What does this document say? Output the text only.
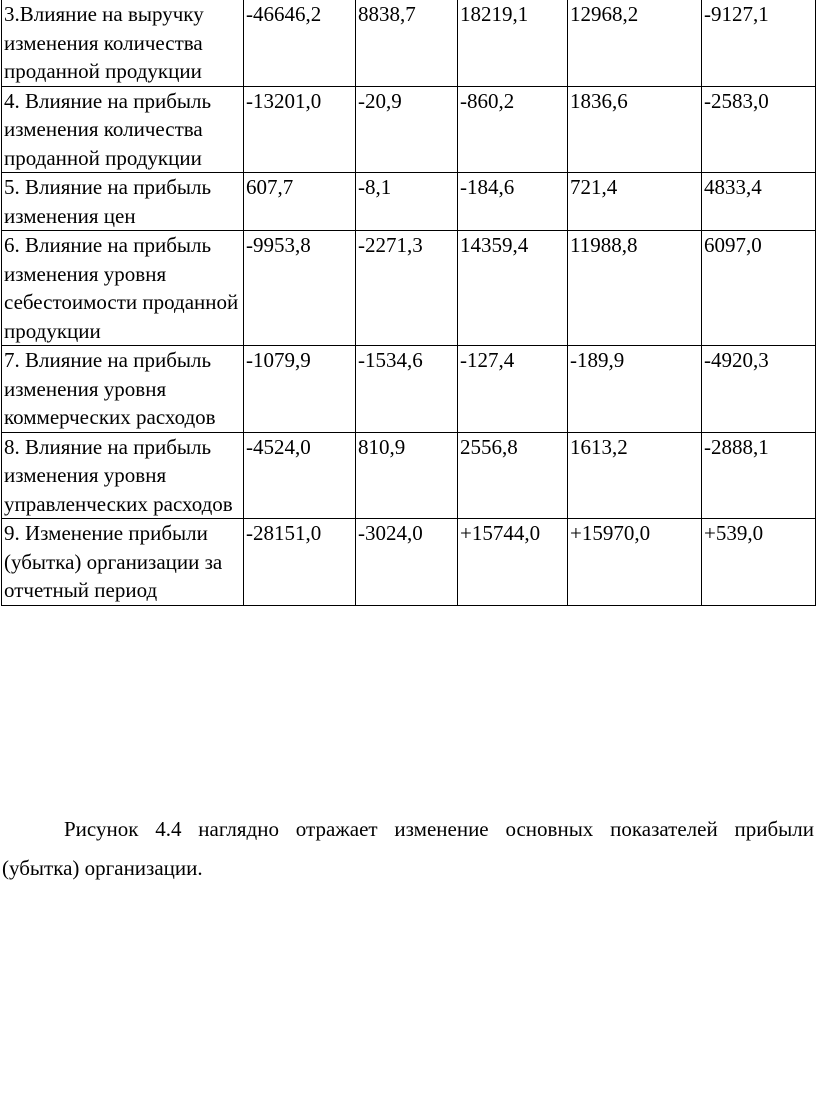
3.Влияние на выручку изменения количества проданной продукции	-46646,2	8838,7	18219,1	12968,2	-9127,1
4. Влияние на прибыль изменения количества проданной продукции	-13201,0	-20,9	-860,2	1836,6	-2583,0
5. Влияние на прибыль изменения цен	607,7	-8,1	-184,6	721,4	4833,4
6. Влияние на прибыль изменения уровня себестоимости проданной продукции	-9953,8	-2271,3	14359,4	11988,8	6097,0
7. Влияние на прибыль изменения уровня коммерческих расходов	-1079,9	-1534,6	-127,4	-189,9	-4920,3
8. Влияние на прибыль изменения уровня управленческих расходов	-4524,0	810,9	2556,8	1613,2	-2888,1
9. Изменение прибыли (убытка) организации за отчетный период	-28151,0	-3024,0	+15744,0	+15970,0	+539,0

Рисунок 4.4 наглядно отражает изменение основных показателей прибыли (убытка) организации.
